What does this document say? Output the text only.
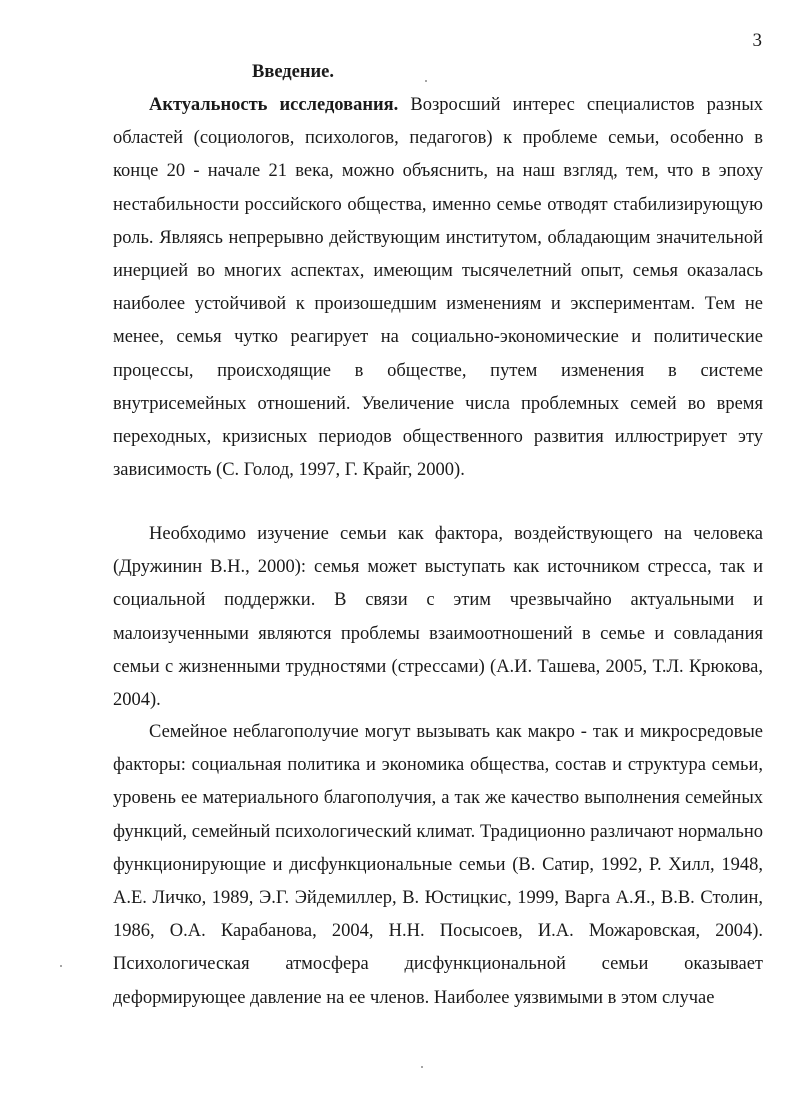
3
Введение.

Актуальность исследования. Возросший интерес специалистов разных областей (социологов, психологов, педагогов) к проблеме семьи, особенно в конце 20 - начале 21 века, можно объяснить, на наш взгляд, тем, что в эпоху нестабильности российского общества, именно семье отводят стабилизирующую роль. Являясь непрерывно действующим институтом, обладающим значительной инерцией во многих аспектах, имеющим тысячелетний опыт, семья оказалась наиболее устойчивой к произошедшим изменениям и экспериментам. Тем не менее, семья чутко реагирует на социально-экономические и политические процессы, происходящие в обществе, путем изменения в системе внутрисемейных отношений. Увеличение числа проблемных семей во время переходных, кризисных периодов общественного развития иллюстрирует эту зависимость (С. Голод, 1997, Г. Крайг, 2000).

Необходимо изучение семьи как фактора, воздействующего на человека (Дружинин В.Н., 2000): семья может выступать как источником стресса, так и социальной поддержки. В связи с этим чрезвычайно актуальными и малоизученными являются проблемы взаимоотношений в семье и совладания семьи с жизненными трудностями (стрессами) (А.И. Ташева, 2005, Т.Л. Крюкова, 2004).

Семейное неблагополучие могут вызывать как макро - так и микросредовые факторы: социальная политика и экономика общества, состав и структура семьи, уровень ее материального благополучия, а так же качество выполнения семейных функций, семейный психологический климат. Традиционно различают нормально функционирующие и дисфункциональные семьи (В. Сатир, 1992, Р. Хилл, 1948, А.Е. Личко, 1989, Э.Г. Эйдемиллер, В. Юстицкис, 1999, Варга А.Я., В.В. Столин, 1986, О.А. Карабанова, 2004, Н.Н. Посысоев, И.А. Можаровская, 2004). Психологическая атмосфера дисфункциональной семьи оказывает деформирующее давление на ее членов. Наиболее уязвимыми в этом случае
